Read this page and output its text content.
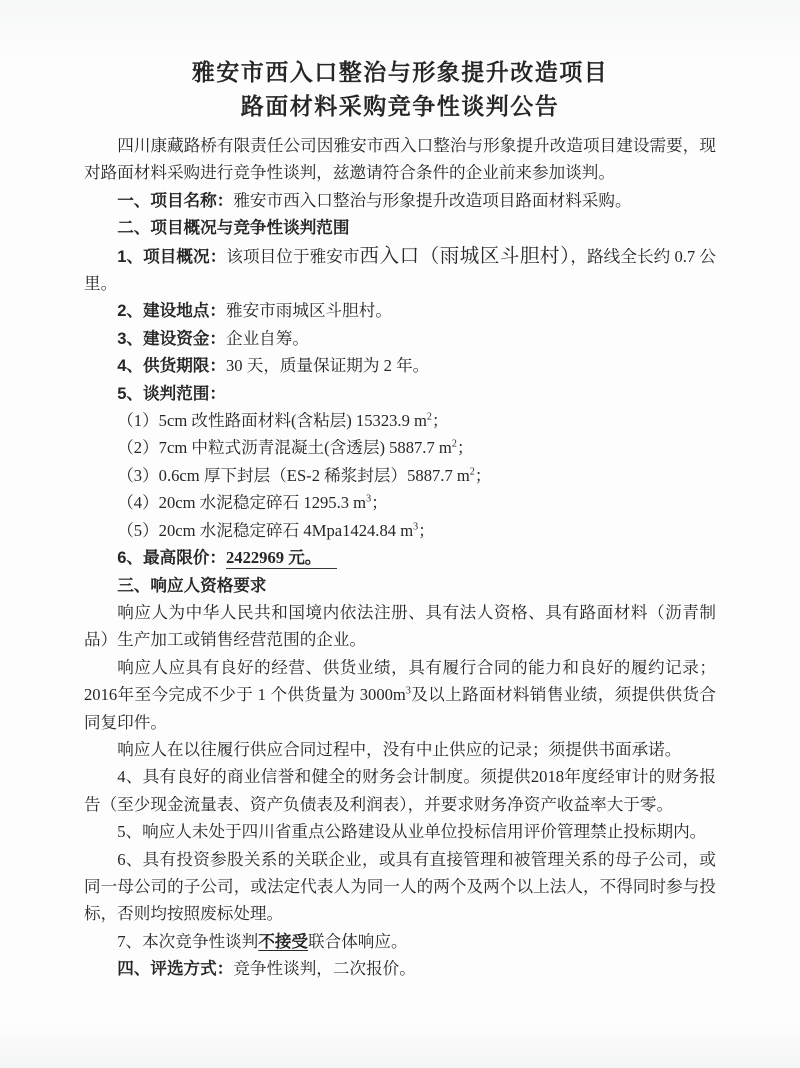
雅安市西入口整治与形象提升改造项目
路面材料采购竞争性谈判公告

四川康藏路桥有限责任公司因雅安市西入口整治与形象提升改造项目建设需要，现对路面材料采购进行竞争性谈判，兹邀请符合条件的企业前来参加谈判。

一、项目名称：雅安市西入口整治与形象提升改造项目路面材料采购。

二、项目概况与竞争性谈判范围

1、项目概况：该项目位于雅安市西入口（雨城区斗胆村），路线全长约 0.7 公里。

2、建设地点：雅安市雨城区斗胆村。

3、建设资金：企业自筹。

4、供货期限：30 天，质量保证期为 2 年。

5、谈判范围：

（1）5cm 改性路面材料(含粘层) 15323.9 $m^2$；

（2）7cm 中粒式沥青混凝土(含透层) 5887.7 $m^2$；

（3）0.6cm 厚下封层（ES-2 稀浆封层）5887.7 $m^2$；

（4）20cm 水泥稳定碎石 1295.3 $m^3$；

（5）20cm 水泥稳定碎石 4Mpa1424.84 $m^3$；

6、最高限价：2422969 元。

三、响应人资格要求

响应人为中华人民共和国境内依法注册、具有法人资格、具有路面材料（沥青制品）生产加工或销售经营范围的企业。

响应人应具有良好的经营、供货业绩，具有履行合同的能力和良好的履约记录；2016年至今完成不少于 1 个供货量为 $3000m^3$及以上路面材料销售业绩，须提供供货合同复印件。

响应人在以往履行供应合同过程中，没有中止供应的记录；须提供书面承诺。

4、具有良好的商业信誉和健全的财务会计制度。须提供2018年度经审计的财务报告（至少现金流量表、资产负债表及利润表），并要求财务净资产收益率大于零。

5、响应人未处于四川省重点公路建设从业单位投标信用评价管理禁止投标期内。

6、具有投资参股关系的关联企业，或具有直接管理和被管理关系的母子公司，或同一母公司的子公司，或法定代表人为同一人的两个及两个以上法人，不得同时参与投标，否则均按照废标处理。

7、本次竞争性谈判不接受联合体响应。

四、评选方式：竞争性谈判，二次报价。
